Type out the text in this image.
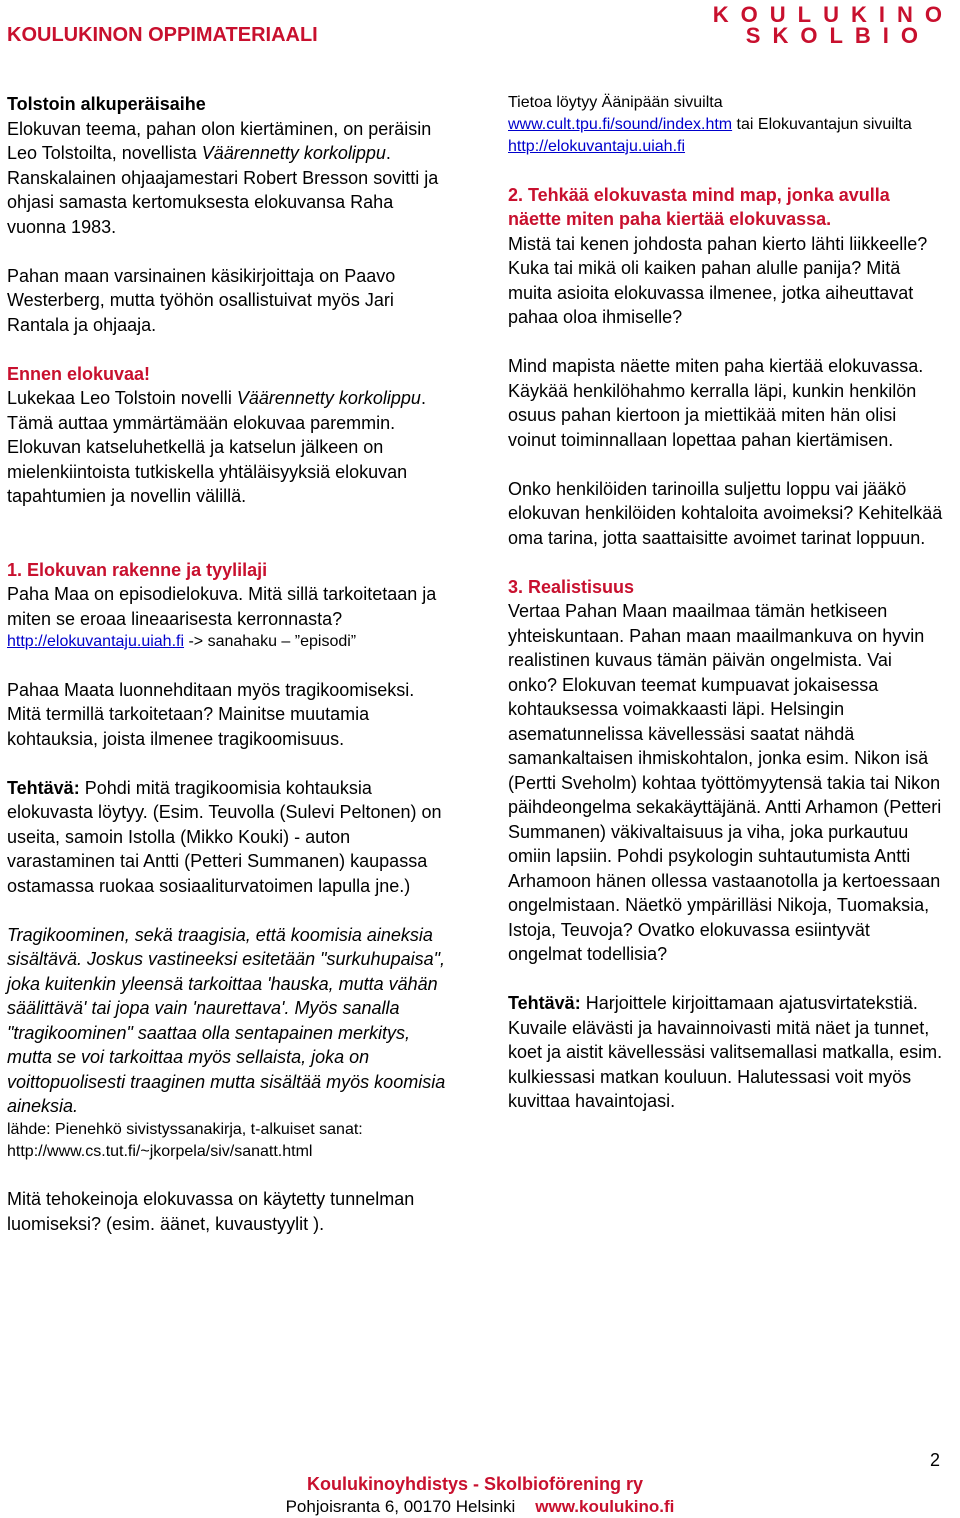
KOULUKINON OPPIMATERIAALI
KOULUKINO
SKOLBIO

Tolstoin alkuperäisaihe

Elokuvan teema, pahan olon kiertäminen, on peräisin Leo Tolstoilta, novellista Väärennetty korkolippu. Ranskalainen ohjaajamestari Robert Bresson sovitti ja ohjasi samasta kertomuksesta elokuvansa Raha vuonna 1983.

Pahan maan varsinainen käsikirjoittaja on Paavo Westerberg, mutta työhön osallistuivat myös Jari Rantala ja ohjaaja.

Ennen elokuvaa!

Lukekaa Leo Tolstoin novelli Väärennetty korkolippu. Tämä auttaa ymmärtämään elokuvaa paremmin. Elokuvan katseluhetkellä ja katselun jälkeen on mielenkiintoista tutkiskella yhtäläisyyksiä elokuvan tapahtumien ja novellin välillä.

1. Elokuvan rakenne ja tyylilaji

Paha Maa on episodielokuva. Mitä sillä tarkoitetaan ja miten se eroaa lineaarisesta kerronnasta?

http://elokuvantaju.uiah.fi -> sanahaku – ”episodi”

Pahaa Maata luonnehditaan myös tragikoomiseksi. Mitä termillä tarkoitetaan? Mainitse muutamia kohtauksia, joista ilmenee tragikoomisuus.

Tehtävä: Pohdi mitä tragikoomisia kohtauksia elokuvasta löytyy. (Esim. Teuvolla (Sulevi Peltonen) on useita, samoin Istolla (Mikko Kouki) - auton varastaminen tai Antti (Petteri Summanen) kaupassa ostamassa ruokaa sosiaaliturvatoimen lapulla jne.)

Tragikoominen, sekä traagisia, että koomisia aineksia sisältävä. Joskus vastineeksi esitetään "surkuhupaisa", joka kuitenkin yleensä tarkoittaa 'hauska, mutta vähän säälittävä' tai jopa vain 'naurettava'. Myös sanalla "tragikoominen" saattaa olla sentapainen merkitys, mutta se voi tarkoittaa myös sellaista, joka on voittopuolisesti traaginen mutta sisältää myös koomisia aineksia.

lähde: Pienehkö sivistyssanakirja, t-alkuiset sanat: http://www.cs.tut.fi/~jkorpela/siv/sanatt.html

Mitä tehokeinoja elokuvassa on käytetty tunnelman luomiseksi? (esim. äänet, kuvaustyylit ).

Tietoa löytyy Äänipään sivuilta
www.cult.tpu.fi/sound/index.htm tai Elokuvantajun sivuilta http://elokuvantaju.uiah.fi

2. Tehkää elokuvasta mind map, jonka avulla näette miten paha kiertää elokuvassa.

Mistä tai kenen johdosta pahan kierto lähti liikkeelle? Kuka tai mikä oli kaiken pahan alulle panija? Mitä muita asioita elokuvassa ilmenee, jotka aiheuttavat pahaa oloa ihmiselle?

Mind mapista näette miten paha kiertää elokuvassa. Käykää henkilöhahmo kerralla läpi, kunkin henkilön osuus pahan kiertoon ja miettikää miten hän olisi voinut toiminnallaan lopettaa pahan kiertämisen.

Onko henkilöiden tarinoilla suljettu loppu vai jääkö elokuvan henkilöiden kohtaloita avoimeksi? Kehitelkää oma tarina, jotta saattaisitte avoimet tarinat loppuun.

3. Realistisuus

Vertaa Pahan Maan maailmaa tämän hetkiseen yhteiskuntaan. Pahan maan maailmankuva on hyvin realistinen kuvaus tämän päivän ongelmista. Vai onko? Elokuvan teemat kumpuavat jokaisessa kohtauksessa voimakkaasti läpi. Helsingin asematunnelissa kävellessäsi saatat nähdä samankaltaisen ihmiskohtalon, jonka esim. Nikon isä (Pertti Sveholm) kohtaa työttömyytensä takia tai Nikon päihdeongelma sekakäyttäjänä. Antti Arhamon (Petteri Summanen) väkivaltaisuus ja viha, joka purkautuu omiin lapsiin. Pohdi psykologin suhtautumista Antti Arhamoon hänen ollessa vastaanotolla ja kertoessaan ongelmistaan. Näetkö ympärilläsi Nikoja, Tuomaksia, Istoja, Teuvoja? Ovatko elokuvassa esiintyvät ongelmat todellisia?

Tehtävä: Harjoittele kirjoittamaan ajatusvirtatekstiä. Kuvaile elävästi ja havainnoivasti mitä näet ja tunnet, koet ja aistit kävellessäsi valitsemallasi matkalla, esim. kulkiessasi matkan kouluun. Halutessasi voit myös kuvittaa havaintojasi.

2
Koulukinoyhdistys - Skolbioförening ry
Pohjoisranta 6, 00170 Helsinki www.koulukino.fi
